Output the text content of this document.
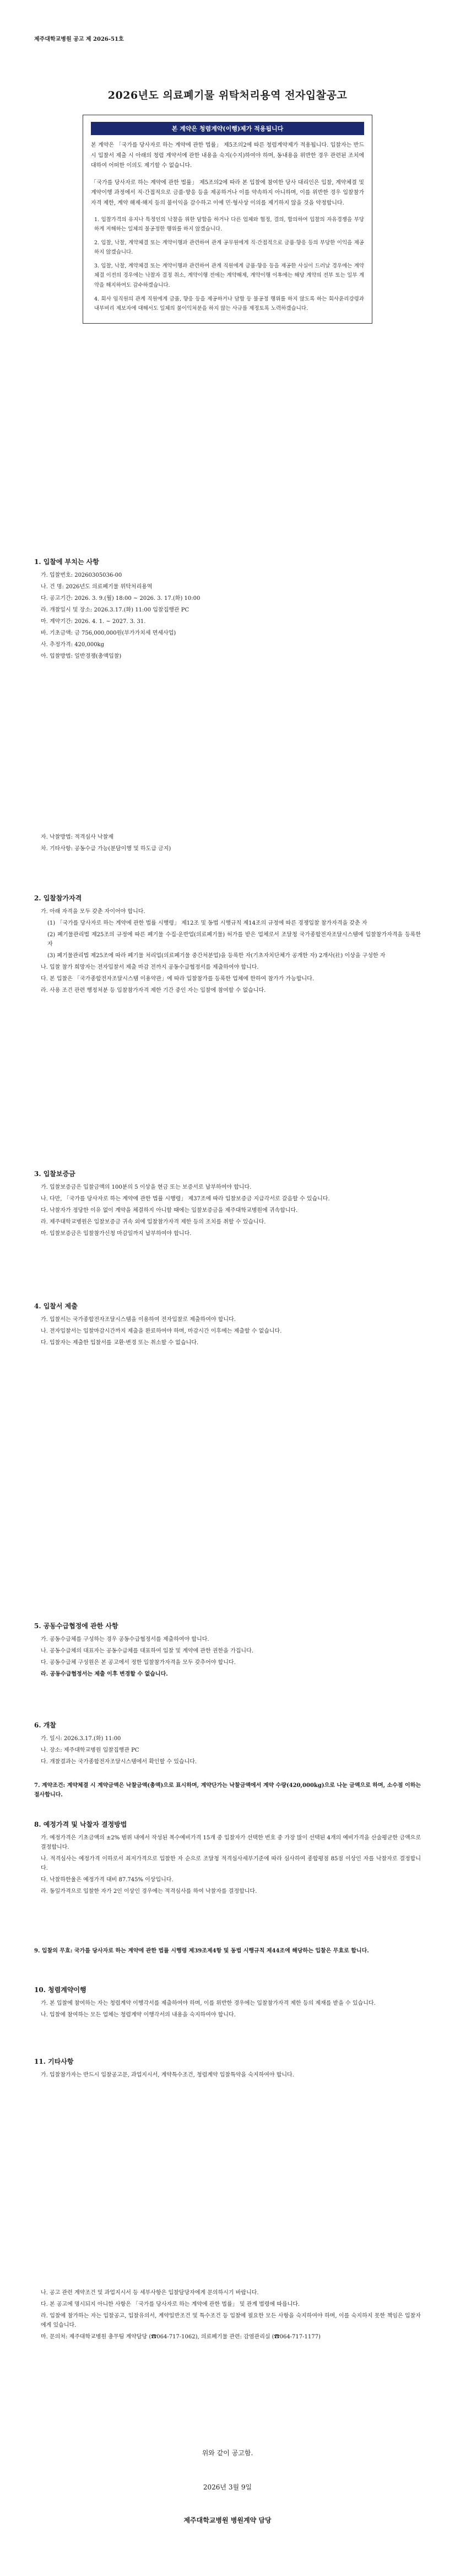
제주대학교병원 공고 제 2026-51호
2026년도 의료폐기물 위탁처리용역 전자입찰공고
본 계약은 청렴계약(이행)제가 적용됩니다

본 계약은 「국가를 당사자로 하는 계약에 관한 법률」 제5조의2에 따른 청렴계약제가 적용됩니다. 입찰자는 반드시 입찰서 제출 시 아래의 청렴 계약서에 관한 내용을 숙지(수지)하여야 하며, 동내용을 위반한 경우 관련된 조치에 대하여 어떠한 이의도 제기할 수 없습니다.

「국가를 당사자로 하는 계약에 관한 법률」 제5조의2에 따라 본 입찰에 참여한 당사 대리인은 입찰, 계약체결 및 계약이행 과정에서 직·간접적으로 금품·향응 등을 제공하거나 이를 약속하지 아니하며, 이를 위반한 경우 입찰참가자격 제한, 계약 해제·해지 등의 불이익을 감수하고 이에 민·형사상 이의를 제기하지 않을 것을 약정합니다.

1. 입찰가격의 유지나 특정인의 낙찰을 위한 담합을 하거나 다른 업체와 협정, 결의, 합의하여 입찰의 자유경쟁을 부당하게 저해하는 일체의 불공정한 행위를 하지 않겠습니다.
2. 입찰, 낙찰, 계약체결 또는 계약이행과 관련하여 관계 공무원에게 직·간접적으로 금품·향응 등의 부당한 이익을 제공하지 않겠습니다.
3. 입찰, 낙찰, 계약체결 또는 계약이행과 관련하여 관계 직원에게 금품·향응 등을 제공한 사실이 드러날 경우에는 계약체결 이전의 경우에는 낙찰자 결정 취소, 계약이행 전에는 계약해제, 계약이행 이후에는 해당 계약의 전부 또는 일부 계약을 해지하여도 감수하겠습니다.
4. 회사 임직원의 관계 직원에게 금품, 향응 등을 제공하거나 담합 등 불공정 행위를 하지 않도록 하는 회사윤리강령과 내부비리 제보자에 대해서도 일체의 불이익처분을 하지 않는 사규를 제정토록 노력하겠습니다.
1. 입찰에 부치는 사항
가. 입찰번호: 20260305036-00
나. 건 명: 2026년도 의료폐기물 위탁처리용역
다. 공고기간: 2026. 3. 9.(월) 18:00 ~ 2026. 3. 17.(화) 10:00
라. 개찰일시 및 장소: 2026.3.17.(화) 11:00 입찰집행관 PC
마. 계약기간: 2026. 4. 1. ~ 2027. 3. 31.
바. 기초금액: 금 756,000,000원(부가가치세 면세사업)
사. 추정가격: 420,000kg
아. 입찰방법: 일반경쟁(총액입찰)
자. 낙찰방법: 적격심사 낙찰제
차. 기타사항: 공동수급 가능(분담이행 및 하도급 금지)
2. 입찰참가자격
가. 아래 자격을 모두 갖춘 자이어야 합니다.
(1) 「국가를 당사자로 하는 계약에 관한 법률 시행령」 제12조 및 동법 시행규칙 제14조의 규정에 따른 경쟁입찰 참가자격을 갖춘 자
(2) 폐기물관리법 제25조의 규정에 따른 폐기물 수집·운반업(의료폐기물) 허가를 받은 업체로서 조달청 국가종합전자조달시스템에 입찰참가자격을 등록한 자
(3) 폐기물관리법 제25조에 따라 폐기물 처리업(의료폐기물 중간처분업)을 등록한 자(기초자치단체가 공개한 자) 2개사(社) 이상을 구성한 자
나. 입찰 참가 희망자는 전자입찰서 제출 마감 전까지 공동수급협정서를 제출하여야 합니다.
다. 본 입찰은 「국가종합전자조달시스템 이용약관」에 따라 입찰참가를 등록한 업체에 한하여 참가가 가능합니다.
라. 사용 조건 관련 행정처분 등 입찰참가자격 제한 기간 중인 자는 입찰에 참여할 수 없습니다.
3. 입찰보증금
가. 입찰보증금은 입찰금액의 100분의 5 이상을 현금 또는 보증서로 납부하여야 합니다.
나. 다만, 「국가를 당사자로 하는 계약에 관한 법률 시행령」 제37조에 따라 입찰보증금 지급각서로 갈음할 수 있습니다.
다. 낙찰자가 정당한 이유 없이 계약을 체결하지 아니할 때에는 입찰보증금을 제주대학교병원에 귀속합니다.
라. 제주대학교병원은 입찰보증금 귀속 외에 입찰참가자격 제한 등의 조치를 취할 수 있습니다.
마. 입찰보증금은 입찰참가신청 마감일까지 납부하여야 합니다.
4. 입찰서 제출
가. 입찰서는 국가종합전자조달시스템을 이용하여 전자입찰로 제출하여야 합니다.
나. 전자입찰서는 입찰마감시간까지 제출을 완료하여야 하며, 마감시간 이후에는 제출할 수 없습니다.
다. 입찰자는 제출한 입찰서를 교환·변경 또는 취소할 수 없습니다.
5. 공동수급협정에 관한 사항
가. 공동수급체를 구성하는 경우 공동수급협정서를 제출하여야 합니다.
나. 공동수급체의 대표자는 공동수급체를 대표하여 입찰 및 계약에 관한 권한을 가집니다.
다. 공동수급체 구성원은 본 공고에서 정한 입찰참가자격을 모두 갖추어야 합니다.
라. 공동수급협정서는 제출 이후 변경할 수 없습니다.
6. 개찰
가. 일시: 2026.3.17.(화) 11:00
나. 장소: 제주대학교병원 입찰집행관 PC
다. 개찰결과는 국가종합전자조달시스템에서 확인할 수 있습니다.
7. 계약조건: 계약체결 시 계약금액은 낙찰금액(총액)으로 표시하며, 계약단가는 낙찰금액에서 계약 수량(420,000kg)으로 나눈 금액으로 하며, 소수점 이하는 절사합니다.
8. 예정가격 및 낙찰자 결정방법
가. 예정가격은 기초금액의 ±2% 범위 내에서 작성된 복수예비가격 15개 중 입찰자가 선택한 번호 중 가장 많이 선택된 4개의 예비가격을 산술평균한 금액으로 결정합니다.
나. 적격심사는 예정가격 이하로서 최저가격으로 입찰한 자 순으로 조달청 적격심사세부기준에 따라 심사하여 종합평점 85점 이상인 자를 낙찰자로 결정합니다.
다. 낙찰하한율은 예정가격 대비 87.745% 이상입니다.
라. 동일가격으로 입찰한 자가 2인 이상인 경우에는 적격심사를 하여 낙찰자를 결정합니다.
9. 입찰의 무효: 국가를 당사자로 하는 계약에 관한 법률 시행령 제39조제4항 및 동법 시행규칙 제44조에 해당하는 입찰은 무효로 합니다.
10. 청렴계약이행
가. 본 입찰에 참여하는 자는 청렴계약 이행각서를 제출하여야 하며, 이를 위반한 경우에는 입찰참가자격 제한 등의 제재를 받을 수 있습니다.
나. 입찰에 참여하는 모든 업체는 청렴계약 이행각서의 내용을 숙지하여야 합니다.
11. 기타사항
가. 입찰참가자는 반드시 입찰공고문, 과업지시서, 계약특수조건, 청렴계약 입찰특약을 숙지하여야 합니다.
나. 공고 관련 계약조건 및 과업지시서 등 세부사항은 입찰담당자에게 문의하시기 바랍니다.
다. 본 공고에 명시되지 아니한 사항은 「국가를 당사자로 하는 계약에 관한 법률」 및 관계 법령에 따릅니다.
라. 입찰에 참가하는 자는 입찰공고, 입찰유의서, 계약일반조건 및 특수조건 등 입찰에 필요한 모든 사항을 숙지하여야 하며, 이를 숙지하지 못한 책임은 입찰자에게 있습니다.
마. 문의처: 제주대학교병원 총무팀 계약담당 (☎064-717-1062), 의료폐기물 관련: 감염관리실 (☎064-717-1177)
위와 같이 공고함.
2026년 3월 9일
제주대학교병원 병원계약 담당
